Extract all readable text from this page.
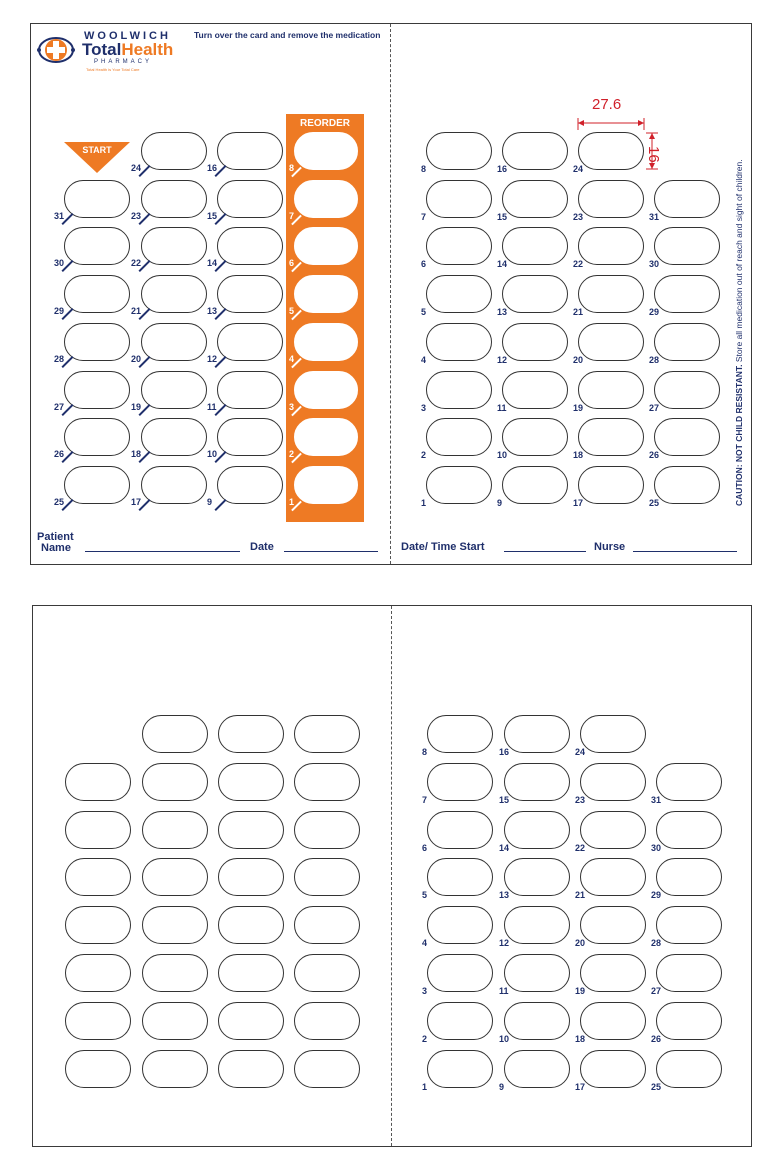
WOOLWICH
TotalHealth
PHARMACY
Total Health is Your Total Care
Turn over the card and remove the medication
START
REORDER
8
7
6
5
4
3
2
1
31
30
29
28
27
26
25
24
23
22
21
20
19
18
17
16
15
14
13
12
11
10
9
8
7
6
5
4
3
2
1
16
15
14
13
12
11
10
9
24
23
22
21
20
19
18
17
31
30
29
28
27
26
25
27.6
16
CAUTION: NOT CHILD RESISTANT. Store all medication out of reach and sight of children.
Patient
Name	Date	Date/ Time Start	Nurse
8
7
6
5
4
3
2
1
16
15
14
13
12
11
10
9
24
23
22
21
20
19
18
17
31
30
29
28
27
26
25
